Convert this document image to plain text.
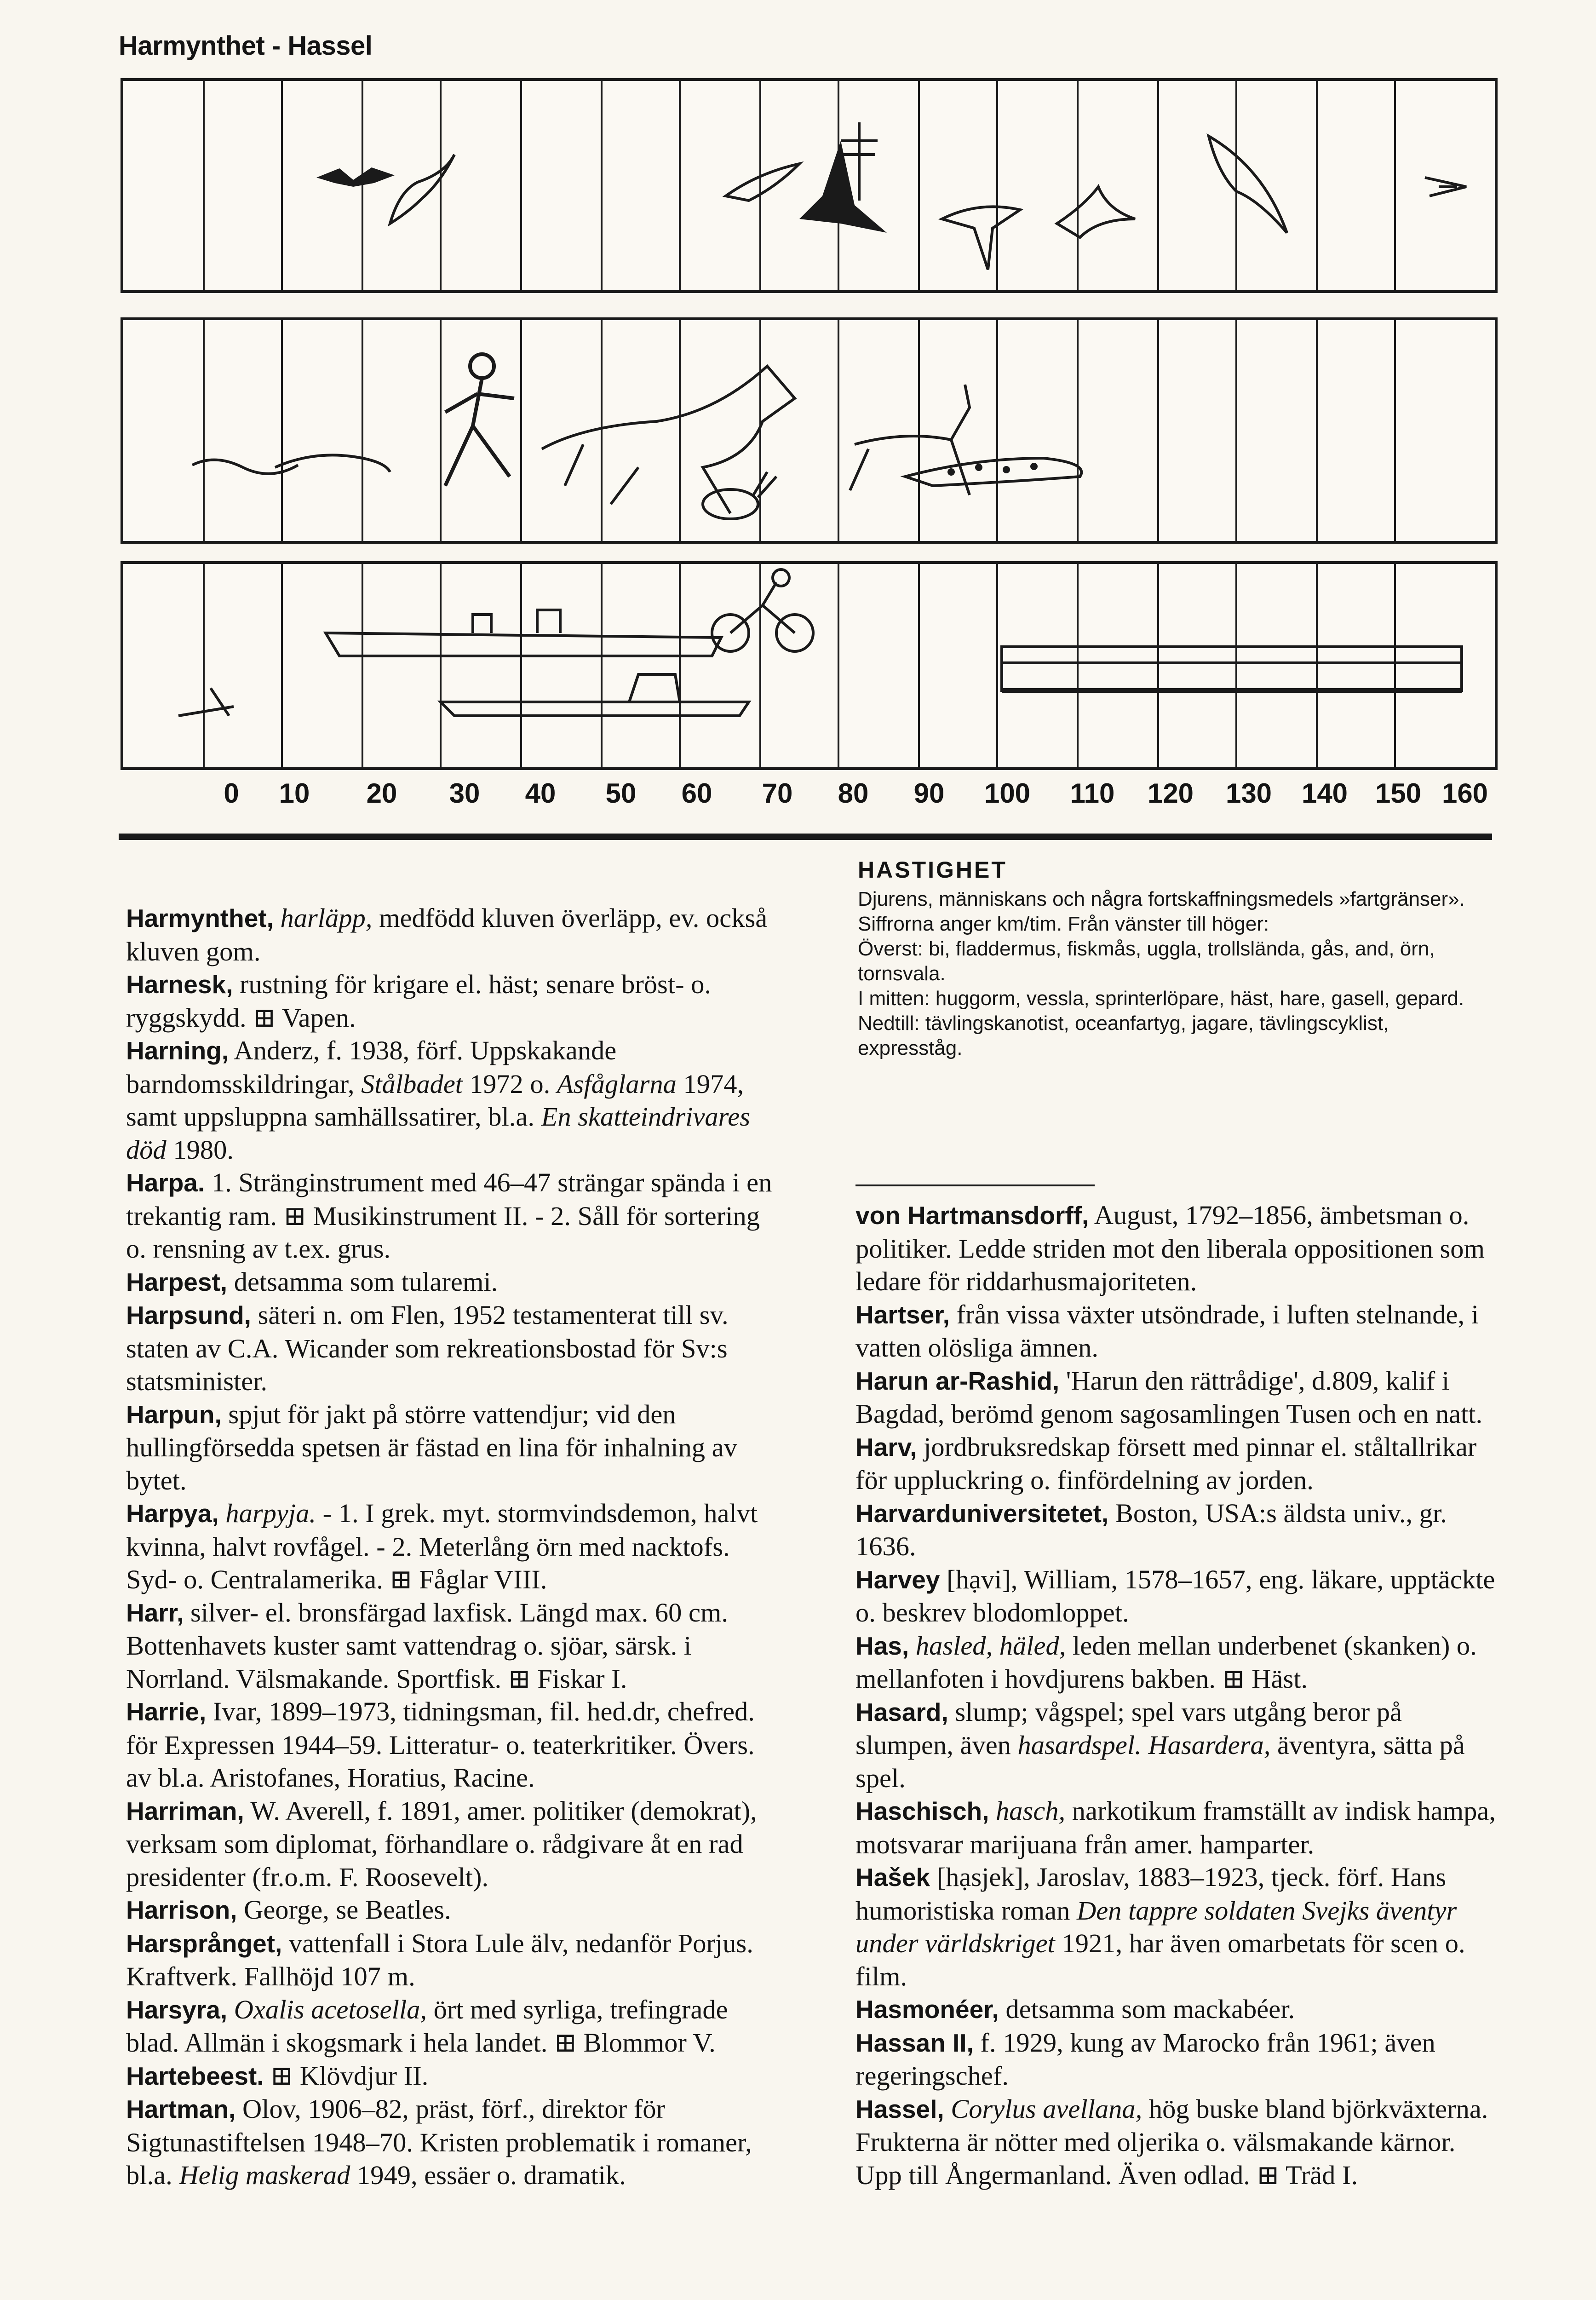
Harmynthet - Hassel
0 10 20 30 40 50 60 70 80 90 100 110 120 130 140 150 160
HASTIGHET
Djurens, människans och några fortskaffningsmedels »fartgränser». Siffrorna anger km/tim. Från vänster till höger:
Överst: bi, fladdermus, fiskmås, uggla, trollslända, gås, and, örn, tornsvala.
I mitten: huggorm, vessla, sprinterlöpare, häst, hare, gasell, gepard.
Nedtill: tävlingskanotist, oceanfartyg, jagare, tävlingscyklist, expresståg.

Harmynthet, harläpp, medfödd kluven överläpp, ev. också kluven gom.

Harnesk, rustning för krigare el. häst; senare bröst- o. ryggskydd. ⊞ Vapen.

Harning, Anderz, f. 1938, förf. Uppskakande barndomsskildringar, Stålbadet 1972 o. Asfåglarna 1974, samt uppsluppna samhällssatirer, bl.a. En skatteindrivares död 1980.

Harpa. 1. Stränginstrument med 46–47 strängar spända i en trekantig ram. ⊞ Musikinstrument II. - 2. Såll för sortering o. rensning av t.ex. grus.

Harpest, detsamma som tularemi.

Harpsund, säteri n. om Flen, 1952 testamenterat till sv. staten av C.A. Wicander som rekreationsbostad för Sv:s statsminister.

Harpun, spjut för jakt på större vattendjur; vid den hullingförsedda spetsen är fästad en lina för inhalning av bytet.

Harpya, harpyja. - 1. I grek. myt. stormvindsdemon, halvt kvinna, halvt rovfågel. - 2. Meterlång örn med nacktofs. Syd- o. Centralamerika. ⊞ Fåglar VIII.

Harr, silver- el. bronsfärgad laxfisk. Längd max. 60 cm. Bottenhavets kuster samt vattendrag o. sjöar, särsk. i Norrland. Välsmakande. Sportfisk. ⊞ Fiskar I.

Harrie, Ivar, 1899–1973, tidningsman, fil. hed.dr, chefred. för Expressen 1944–59. Litteratur- o. teaterkritiker. Övers. av bl.a. Aristofanes, Horatius, Racine.

Harriman, W. Averell, f. 1891, amer. politiker (demokrat), verksam som diplomat, förhandlare o. rådgivare åt en rad presidenter (fr.o.m. F. Roosevelt).

Harrison, George, se Beatles.

Harsprånget, vattenfall i Stora Lule älv, nedanför Porjus. Kraftverk. Fallhöjd 107 m.

Harsyra, Oxalis acetosella, ört med syrliga, trefingrade blad. Allmän i skogsmark i hela landet. ⊞ Blommor V.

Hartebeest. ⊞ Klövdjur II.

Hartman, Olov, 1906–82, präst, förf., direktor för Sigtunastiftelsen 1948–70. Kristen problematik i romaner, bl.a. Helig maskerad 1949, essäer o. dramatik.

von Hartmansdorff, August, 1792–1856, ämbetsman o. politiker. Ledde striden mot den liberala oppositionen som ledare för riddarhusmajoriteten.

Hartser, från vissa växter utsöndrade, i luften stelnande, i vatten olösliga ämnen.

Harun ar-Rashid, 'Harun den rättrådige', d.809, kalif i Bagdad, berömd genom sagosamlingen Tusen och en natt.

Harv, jordbruksredskap försett med pinnar el. ståltallrikar för uppluckring o. finfördelning av jorden.

Harvarduniversitetet, Boston, USA:s äldsta univ., gr. 1636.

Harvey [hạvi], William, 1578–1657, eng. läkare, upptäckte o. beskrev blodomloppet.

Has, hasled, häled, leden mellan underbenet (skanken) o. mellanfoten i hovdjurens bakben. ⊞ Häst.

Hasard, slump; vågspel; spel vars utgång beror på slumpen, även hasardspel. Hasardera, äventyra, sätta på spel.

Haschisch, hasch, narkotikum framställt av indisk hampa, motsvarar marijuana från amer. hamparter.

Hašek [hạsjek], Jaroslav, 1883–1923, tjeck. förf. Hans humoristiska roman Den tappre soldaten Svejks äventyr under världskriget 1921, har även omarbetats för scen o. film.

Hasmonéer, detsamma som mackabéer.

Hassan II, f. 1929, kung av Marocko från 1961; även regeringschef.

Hassel, Corylus avellana, hög buske bland björkväxterna. Frukterna är nötter med oljerika o. välsmakande kärnor. Upp till Ångermanland. Även odlad. ⊞ Träd I.
